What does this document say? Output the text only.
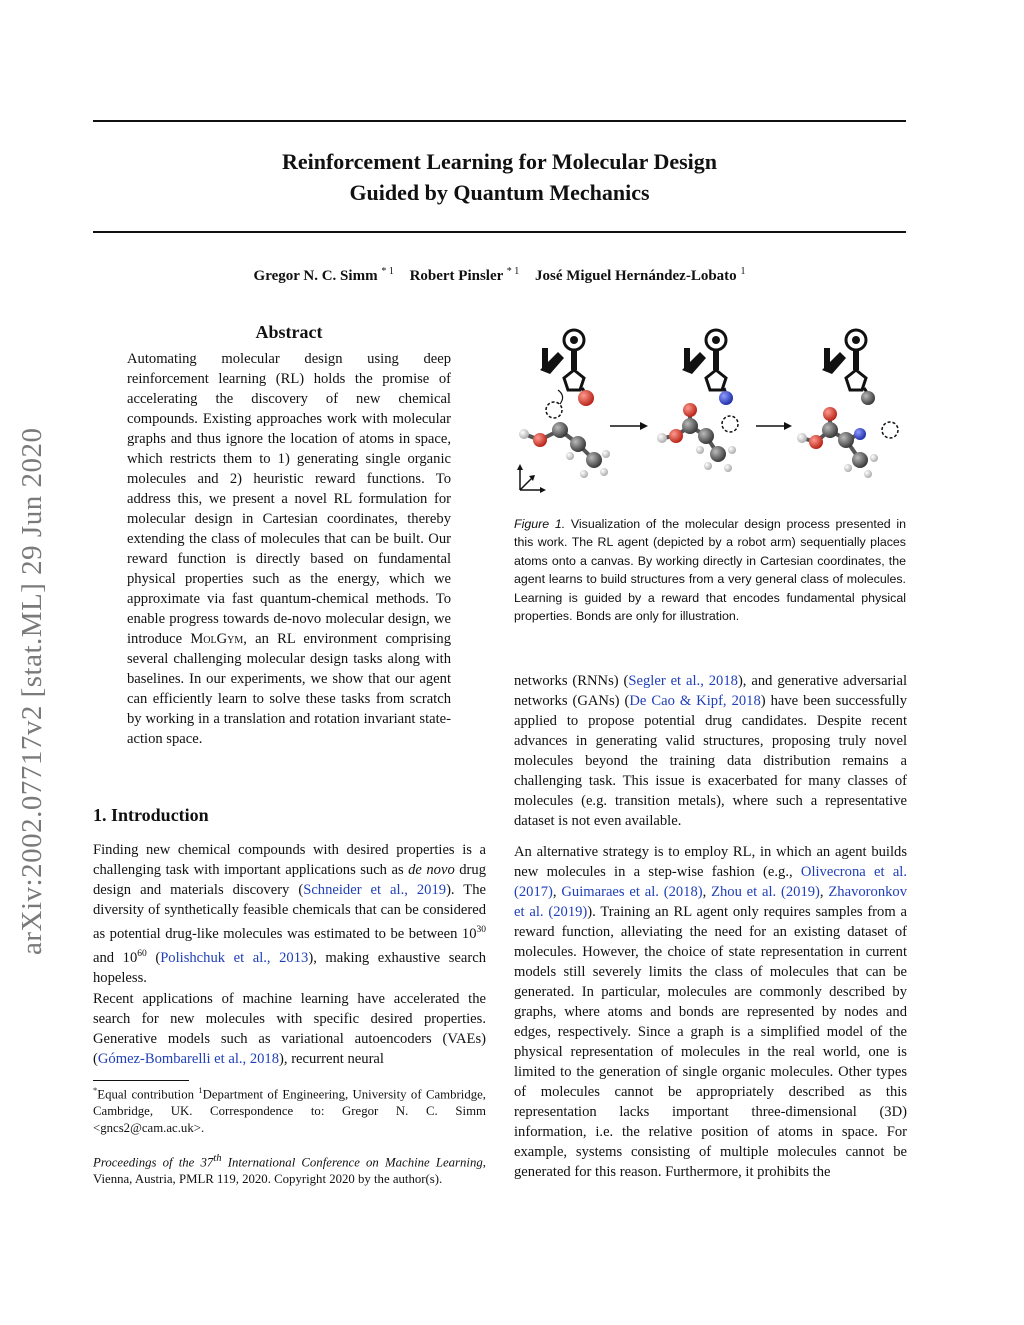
Reinforcement Learning for Molecular Design
Guided by Quantum Mechanics
Gregor N. C. Simm $^{* 1}$ Robert Pinsler $^{* 1}$ José Miguel Hernández-Lobato $^1$
arXiv:2002.07717v2 [stat.ML] 29 Jun 2020
Abstract
Automating molecular design using deep reinforcement learning (RL) holds the promise of accelerating the discovery of new chemical compounds. Existing approaches work with molecular graphs and thus ignore the location of atoms in space, which restricts them to 1) generating single organic molecules and 2) heuristic reward functions. To address this, we present a novel RL formulation for molecular design in Cartesian coordinates, thereby extending the class of molecules that can be built. Our reward function is directly based on fundamental physical properties such as the energy, which we approximate via fast quantum-chemical methods. To enable progress towards de-novo molecular design, we introduce MolGym, an RL environment comprising several challenging molecular design tasks along with baselines. In our experiments, we show that our agent can efficiently learn to solve these tasks from scratch by working in a translation and rotation invariant state-action space.
1. Introduction
Finding new chemical compounds with desired properties is a challenging task with important applications such as de novo drug design and materials discovery (Schneider et al., 2019). The diversity of synthetically feasible chemicals that can be considered as potential drug-like molecules was estimated to be between $10^{30}$ and $10^{60}$ (Polishchuk et al., 2013), making exhaustive search hopeless.
Recent applications of machine learning have accelerated the search for new molecules with specific desired properties. Generative models such as variational autoencoders (VAEs) (Gómez-Bombarelli et al., 2018), recurrent neural
*Equal contribution $^1$Department of Engineering, University of Cambridge, Cambridge, UK. Correspondence to: Gregor N. C. Simm <gncs2@cam.ac.uk>.
Proceedings of the 37th International Conference on Machine Learning, Vienna, Austria, PMLR 119, 2020. Copyright 2020 by the author(s).
Figure 1. Visualization of the molecular design process presented in this work. The RL agent (depicted by a robot arm) sequentially places atoms onto a canvas. By working directly in Cartesian coordinates, the agent learns to build structures from a very general class of molecules. Learning is guided by a reward that encodes fundamental physical properties. Bonds are only for illustration.
networks (RNNs) (Segler et al., 2018), and generative adversarial networks (GANs) (De Cao & Kipf, 2018) have been successfully applied to propose potential drug candidates. Despite recent advances in generating valid structures, proposing truly novel molecules beyond the training data distribution remains a challenging task. This issue is exacerbated for many classes of molecules (e.g. transition metals), where such a representative dataset is not even available.
An alternative strategy is to employ RL, in which an agent builds new molecules in a step-wise fashion (e.g., Olivecrona et al. (2017), Guimaraes et al. (2018), Zhou et al. (2019), Zhavoronkov et al. (2019)). Training an RL agent only requires samples from a reward function, alleviating the need for an existing dataset of molecules. However, the choice of state representation in current models still severely limits the class of molecules that can be generated. In particular, molecules are commonly described by graphs, where atoms and bonds are represented by nodes and edges, respectively. Since a graph is a simplified model of the physical representation of molecules in the real world, one is limited to the generation of single organic molecules. Other types of molecules cannot be appropriately described as this representation lacks important three-dimensional (3D) information, i.e. the relative position of atoms in space. For example, systems consisting of multiple molecules cannot be generated for this reason. Furthermore, it prohibits the
